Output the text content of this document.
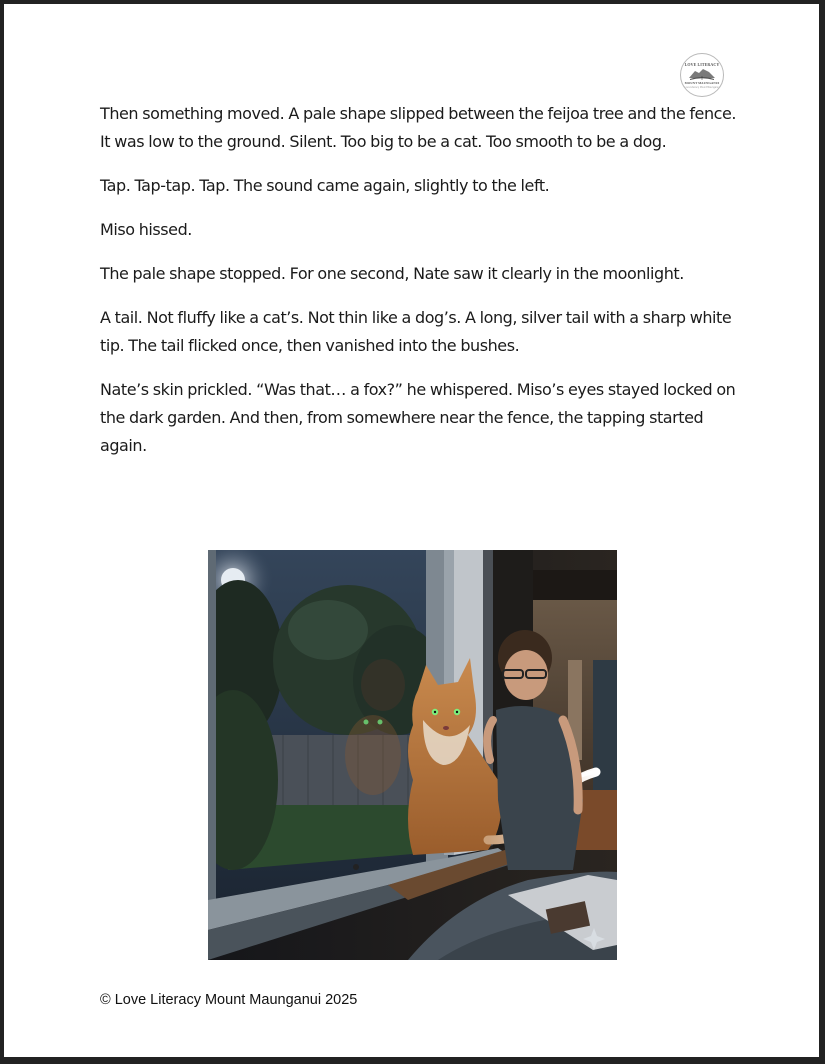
LOVE LITERACY
MOUNT MAUNGANUI
Love Literacy Mount Maunganui

Then something moved. A pale shape slipped between the feijoa tree and the fence. It was low to the ground. Silent. Too big to be a cat. Too smooth to be a dog.

Tap. Tap-tap. Tap. The sound came again, slightly to the left.

Miso hissed.

The pale shape stopped. For one second, Nate saw it clearly in the moonlight.

A tail. Not fluffy like a cat’s. Not thin like a dog’s. A long, silver tail with a sharp white tip. The tail flicked once, then vanished into the bushes.

Nate’s skin prickled. “Was that… a fox?” he whispered. Miso’s eyes stayed locked on the dark garden. And then, from somewhere near the fence, the tapping started again.

© Love Literacy Mount Maunganui 2025
